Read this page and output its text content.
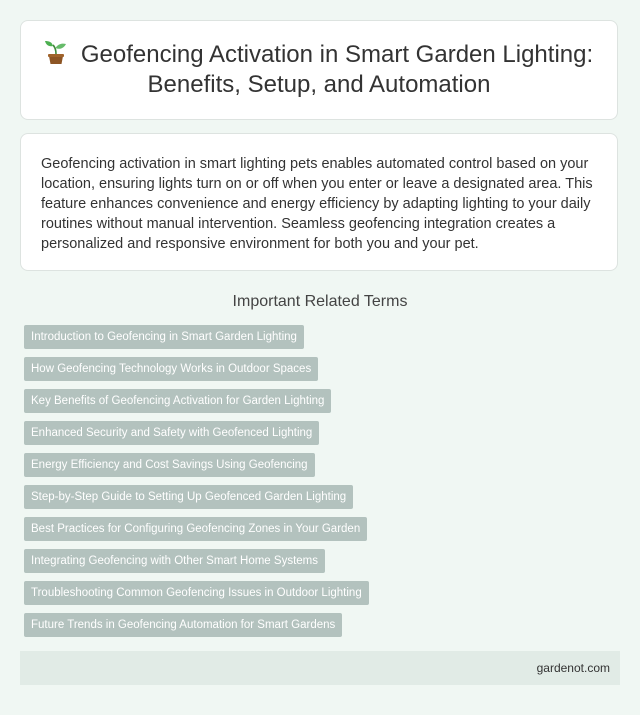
Geofencing Activation in Smart Garden Lighting: Benefits, Setup, and Automation

Geofencing activation in smart lighting pets enables automated control based on your location, ensuring lights turn on or off when you enter or leave a designated area. This feature enhances convenience and energy efficiency by adapting lighting to your daily routines without manual intervention. Seamless geofencing integration creates a personalized and responsive environment for both you and your pet.

Important Related Terms
Introduction to Geofencing in Smart Garden Lighting
How Geofencing Technology Works in Outdoor Spaces
Key Benefits of Geofencing Activation for Garden Lighting
Enhanced Security and Safety with Geofenced Lighting
Energy Efficiency and Cost Savings Using Geofencing
Step-by-Step Guide to Setting Up Geofenced Garden Lighting
Best Practices for Configuring Geofencing Zones in Your Garden
Integrating Geofencing with Other Smart Home Systems
Troubleshooting Common Geofencing Issues in Outdoor Lighting
Future Trends in Geofencing Automation for Smart Gardens
gardenot.com
